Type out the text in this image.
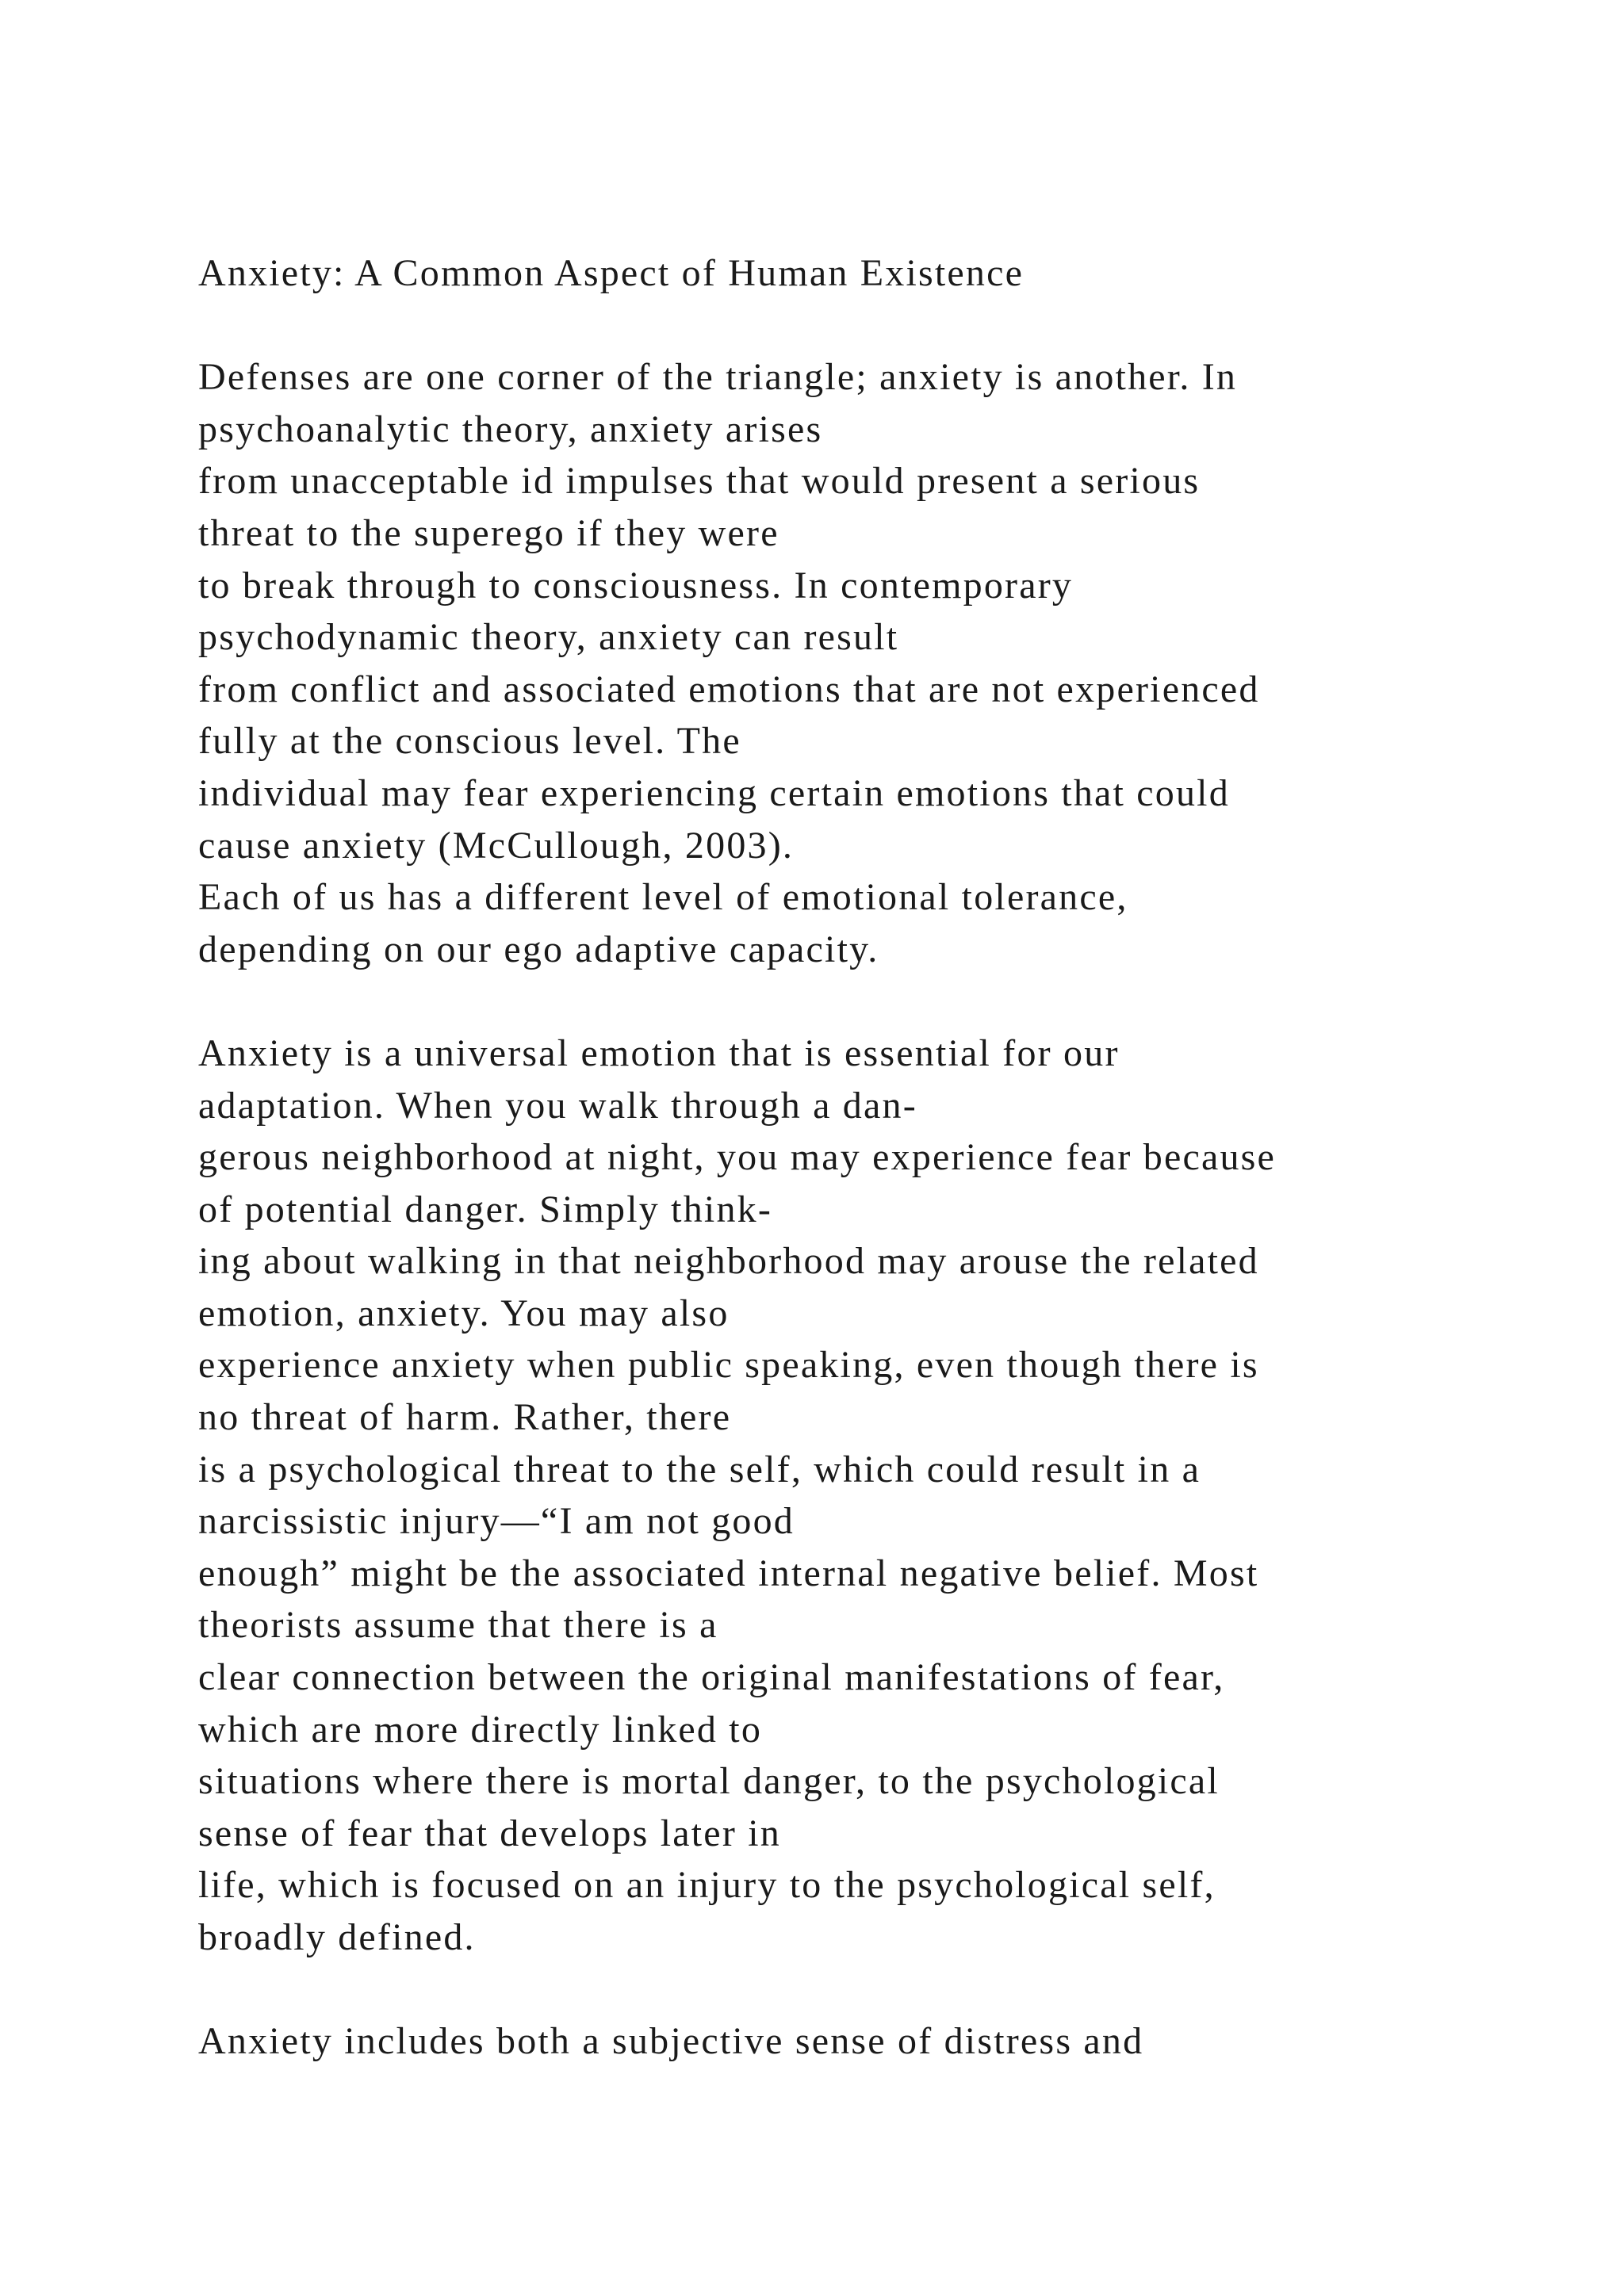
Anxiety: A Common Aspect of Human Existence
Defenses are one corner of the triangle; anxiety is another. In
psychoanalytic theory, anxiety arises
from unacceptable id impulses that would present a serious
threat to the superego if they were
to break through to consciousness. In contemporary
psychodynamic theory, anxiety can result
from conflict and associated emotions that are not experienced
fully at the conscious level. The
individual may fear experiencing certain emotions that could
cause anxiety (McCullough, 2003).
Each of us has a different level of emotional tolerance,
depending on our ego adaptive capacity.
Anxiety is a universal emotion that is essential for our
adaptation. When you walk through a dan-
gerous neighborhood at night, you may experience fear because
of potential danger. Simply think-
ing about walking in that neighborhood may arouse the related
emotion, anxiety. You may also
experience anxiety when public speaking, even though there is
no threat of harm. Rather, there
is a psychological threat to the self, which could result in a
narcissistic injury—“I am not good
enough” might be the associated internal negative belief. Most
theorists assume that there is a
clear connection between the original manifestations of fear,
which are more directly linked to
situations where there is mortal danger, to the psychological
sense of fear that develops later in
life, which is focused on an injury to the psychological self,
broadly defined.
Anxiety includes both a subjective sense of distress and
